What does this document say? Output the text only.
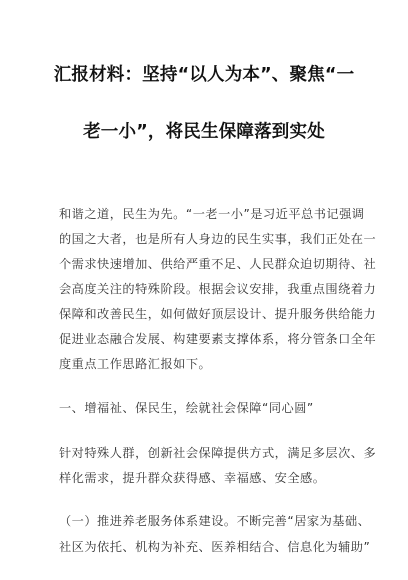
汇报材料：坚持“以人为本”、聚焦“一
老一小”，将民生保障落到实处
和谐之道，民生为先。“一老一小”是习近平总书记强调
的国之大者，也是所有人身边的民生实事，我们正处在一
个需求快速增加、供给严重不足、人民群众迫切期待、社
会高度关注的特殊阶段。根据会议安排，我重点围绕着力
保障和改善民生，如何做好顶层设计、提升服务供给能力
促进业态融合发展、构建要素支撑体系，将分管条口全年
度重点工作思路汇报如下。
一、增福祉、保民生，绘就社会保障“同心圆”
针对特殊人群，创新社会保障提供方式，满足多层次、多
样化需求，提升群众获得感、幸福感、安全感。
（一）推进养老服务体系建设。不断完善“居家为基础、
社区为依托、机构为补充、医养相结合、信息化为辅助”
